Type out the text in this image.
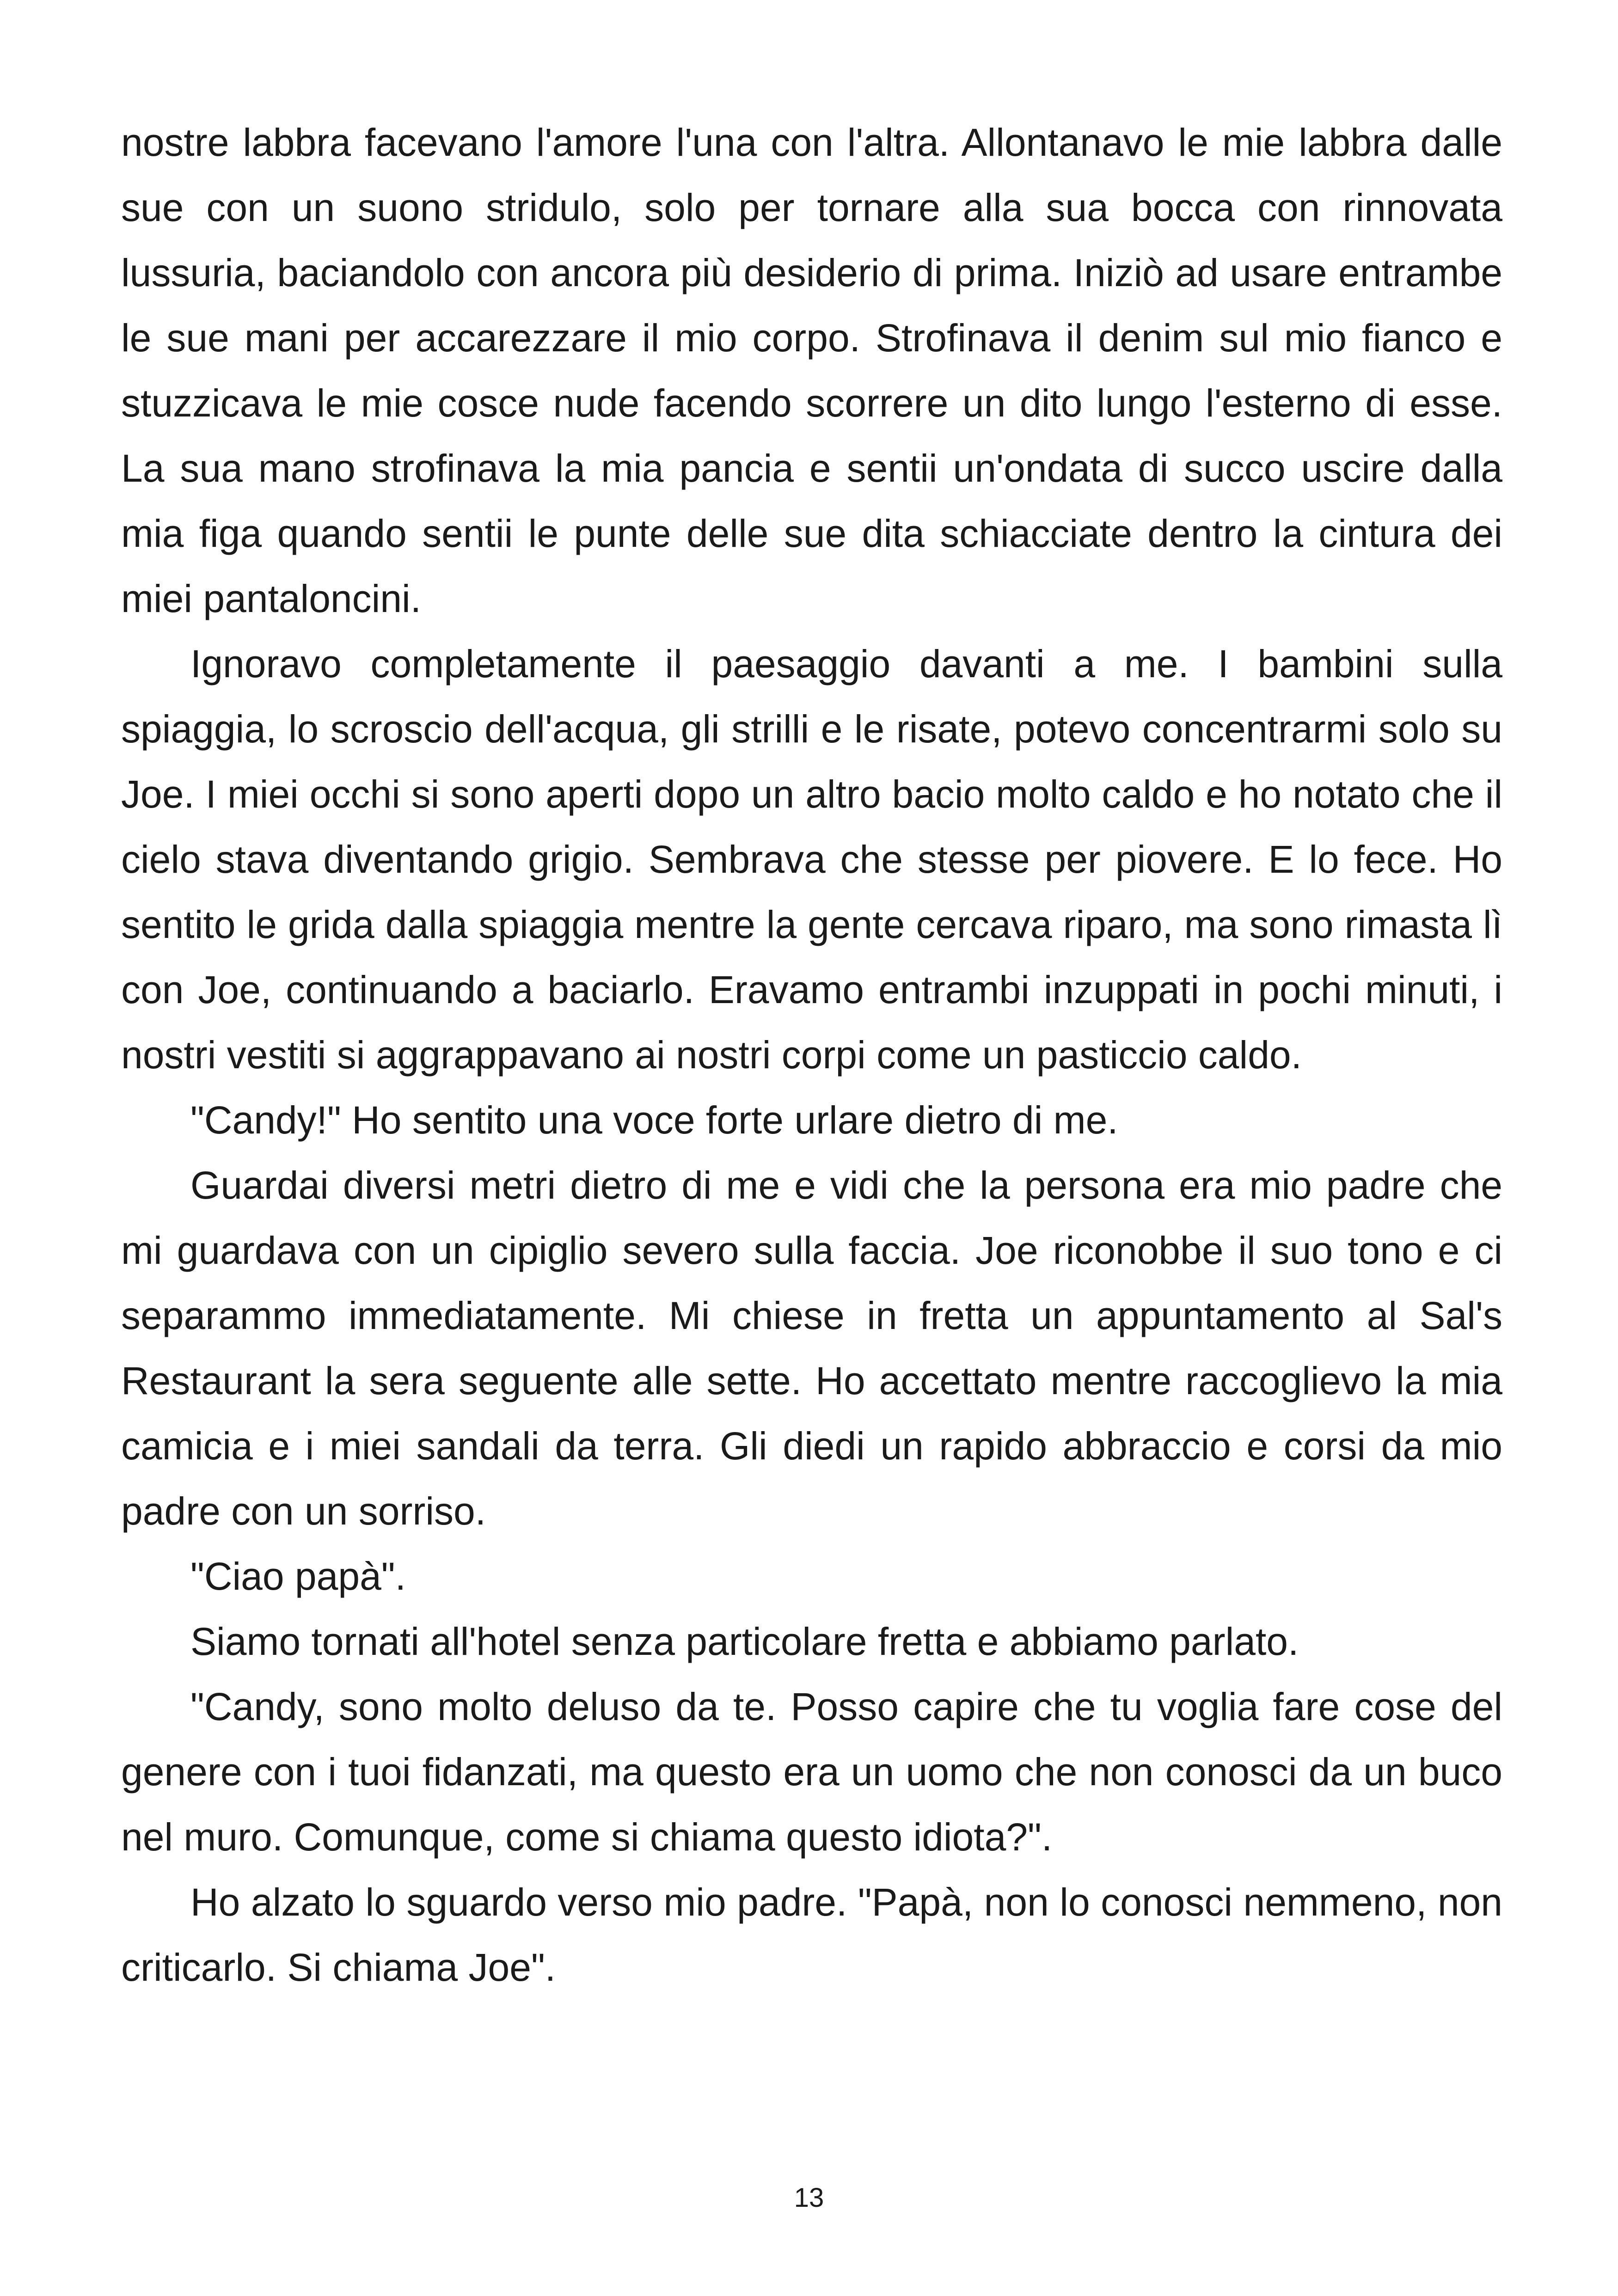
nostre labbra facevano l'amore l'una con l'altra. Allontanavo le mie labbra dalle sue con un suono stridulo, solo per tornare alla sua bocca con rinnovata lussuria, baciandolo con ancora più desiderio di prima. Iniziò ad usare entrambe le sue mani per accarezzare il mio corpo. Strofinava il denim sul mio fianco e stuzzicava le mie cosce nude facendo scorrere un dito lungo l'esterno di esse. La sua mano strofinava la mia pancia e sentii un'ondata di succo uscire dalla mia figa quando sentii le punte delle sue dita schiacciate dentro la cintura dei miei pantaloncini.

Ignoravo completamente il paesaggio davanti a me. I bambini sulla spiaggia, lo scroscio dell'acqua, gli strilli e le risate, potevo concentrarmi solo su Joe. I miei occhi si sono aperti dopo un altro bacio molto caldo e ho notato che il cielo stava diventando grigio. Sembrava che stesse per piovere. E lo fece. Ho sentito le grida dalla spiaggia mentre la gente cercava riparo, ma sono rimasta lì con Joe, continuando a baciarlo. Eravamo entrambi inzuppati in pochi minuti, i nostri vestiti si aggrappavano ai nostri corpi come un pasticcio caldo.

"Candy!" Ho sentito una voce forte urlare dietro di me.

Guardai diversi metri dietro di me e vidi che la persona era mio padre che mi guardava con un cipiglio severo sulla faccia. Joe riconobbe il suo tono e ci separammo immediatamente. Mi chiese in fretta un appuntamento al Sal's Restaurant la sera seguente alle sette. Ho accettato mentre raccoglievo la mia camicia e i miei sandali da terra. Gli diedi un rapido abbraccio e corsi da mio padre con un sorriso.

"Ciao papà".

Siamo tornati all'hotel senza particolare fretta e abbiamo parlato.

"Candy, sono molto deluso da te. Posso capire che tu voglia fare cose del genere con i tuoi fidanzati, ma questo era un uomo che non conosci da un buco nel muro. Comunque, come si chiama questo idiota?".

Ho alzato lo sguardo verso mio padre. "Papà, non lo conosci nemmeno, non criticarlo. Si chiama Joe".

13
